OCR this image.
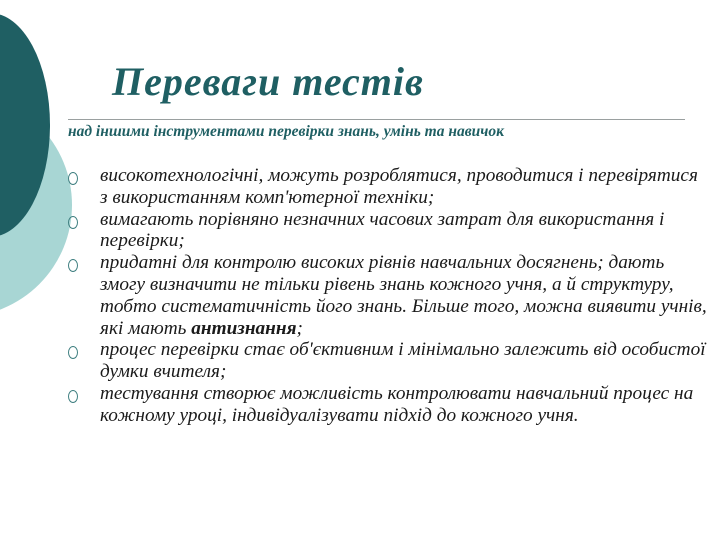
Переваги тестів

над іншими інструментами перевірки знань, умінь та навичок

високотехнологічні, можуть розроблятися, проводитися і перевірятися з використанням комп'ютерної техніки;
вимагають порівняно незначних часових затрат для використання і перевірки;
придатні для контролю високих рівнів навчальних досягнень; дають змогу визначити не тільки рівень знань кожного учня, а й структуру, тобто систематичність його знань. Більше того, можна виявити учнів, які мають антизнання;
процес перевірки стає об'єктивним і мінімально залежить від особистої думки вчителя;
тестування створює можливість контролювати навчальний процес на кожному уроці, індивідуалізувати підхід до кожного учня.
